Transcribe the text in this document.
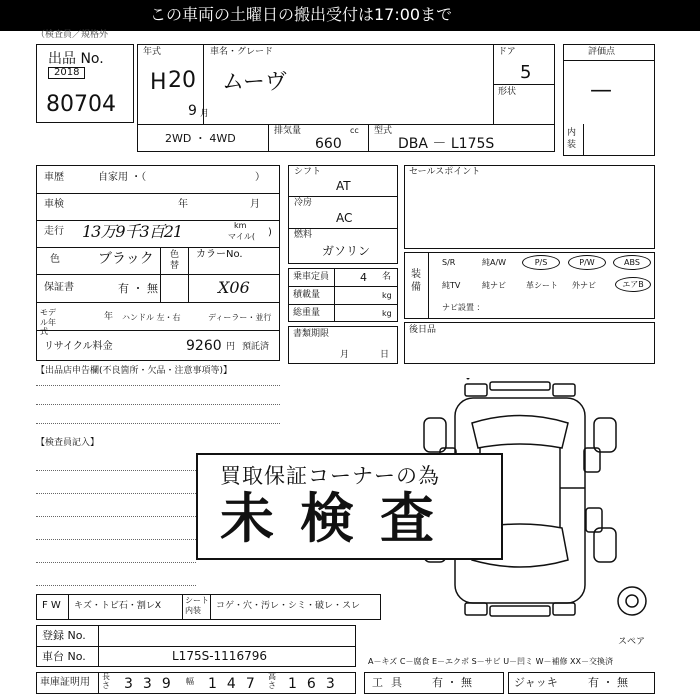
この車両の土曜日の搬出受付は17:00まで
（検査員／規格外
出品 No.
2018
80704
年式
H 20
9 月
車名・グレード
ムーヴ
ドア
5
形状
2WD ・ 4WD
排気量	cc
660
型式
DBA － L175S
評価点
—
内装
車歴	自家用 ・（	）
車検	年	月
走行 13万9千3百21	km
マイル( )
色	ブラック 色替
カラーNo.
X06
保証書	有 ・ 無
モデル年式
年 ハンドル 左・右	ディーラー・並行
リサイクル料金	9260 円 預託済
シフト
AT
冷房
AC
燃料
ガソリン
乗車定員	4 名
積載量	kg
総重量	kg
書類期限
月	日
セールスポイント
装備
S/R	純A/W	P/S	P/W	ABS
純TV	純ナビ	革シート 外ナビ	エアB
ナビ設置 ：
後日品
【出品店申告欄(不良箇所・欠品・注意事項等)】
【検査員記入】
スペア
買取保証コーナーの為
未検査
F W キズ・トビ石・割レX
シート内装	コゲ・穴・汚レ・シミ・破レ・スレ
登録 No.
車台 No.	L175S-1116796	A－キズ C－腐食 E－エクボ S－サビ U－凹ミ W－補修 XX－交換済
車庫証明用
長さ 339 幅 147 高さ 163 工具 有 ・ 無	ジャッキ	有 ・ 無
